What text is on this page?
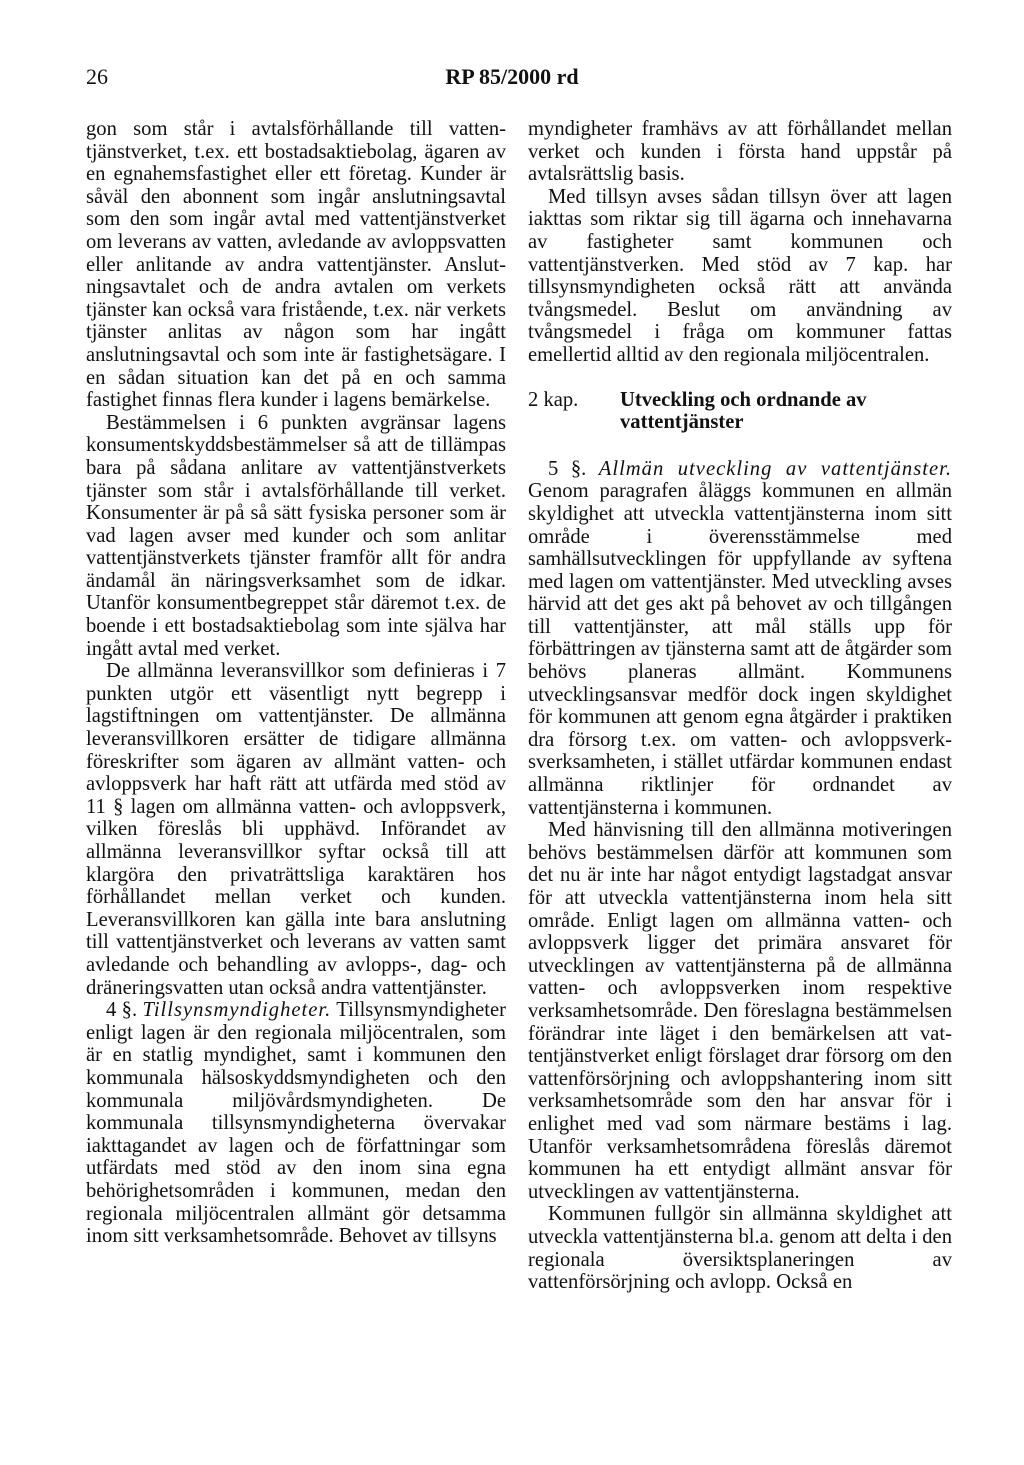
26	RP 85/2000 rd

gon som står i avtalsförhållande till vattentjänstverket, t.ex. ett bostadsaktiebolag, ägaren av en egnahemsfastighet eller ett företag. Kunder är såväl den abonnent som ingår anslutningsavtal som den som ingår avtal med vattentjänstverket om leverans av vatten, avledande av avloppsvatten eller anlitande av andra vattentjänster. Anslutningsavtalet och de andra avtalen om verkets tjänster kan också vara fristående, t.ex. när verkets tjänster anlitas av någon som har ingått anslutningsavtal och som inte är fastighetsägare. I en sådan situation kan det på en och samma fastighet finnas flera kunder i lagens bemärkelse.

Bestämmelsen i 6 punkten avgränsar lagens konsumentskyddsbestämmelser så att de tillämpas bara på sådana anlitare av vattentjänstverkets tjänster som står i avtalsförhållande till verket. Konsumenter är på så sätt fysiska personer som är vad lagen avser med kunder och som anlitar vattentjänstverkets tjänster framför allt för andra ändamål än näringsverksamhet som de idkar. Utanför konsumentbegreppet står däremot t.ex. de boende i ett bostadsaktiebolag som inte själva har ingått avtal med verket.

De allmänna leveransvillkor som definieras i 7 punkten utgör ett väsentligt nytt begrepp i lagstiftningen om vattentjänster. De allmänna leveransvillkoren ersätter de tidigare allmänna föreskrifter som ägaren av allmänt vatten- och avloppsverk har haft rätt att utfärda med stöd av 11 § lagen om allmänna vatten- och avloppsverk, vilken föreslås bli upphävd. Införandet av allmänna leveransvillkor syftar också till att klargöra den privaträttsliga karaktären hos förhållandet mellan verket och kunden. Leveransvillkoren kan gälla inte bara anslutning till vattentjänstverket och leverans av vatten samt avledande och behandling av avlopps-, dag- och dräneringsvatten utan också andra vattentjänster.

4 §. Tillsynsmyndigheter. Tillsynsmyndigheter enligt lagen är den regionala miljöcentralen, som är en statlig myndighet, samt i kommunen den kommunala hälsoskyddsmyndigheten och den kommunala miljövårdsmyndigheten. De kommunala tillsynsmyndigheterna övervakar iakttagandet av lagen och de författningar som utfärdats med stöd av den inom sina egna behörighetsområden i kommunen, medan den regionala miljöcentralen allmänt gör detsamma inom sitt verksamhetsområde. Behovet av tillsyns

myndigheter framhävs av att förhållandet mellan verket och kunden i första hand uppstår på avtalsrättslig basis.

Med tillsyn avses sådan tillsyn över att lagen iakttas som riktar sig till ägarna och innehavarna av fastigheter samt kommunen och vattentjänstverken. Med stöd av 7 kap. har tillsynsmyndigheten också rätt att använda tvångsmedel. Beslut om användning av tvångsmedel i fråga om kommuner fattas emellertid alltid av den regionala miljöcentralen.

2 kap.	Utveckling och ordnande av vattentjänster

5 §. Allmän utveckling av vattentjänster. Genom paragrafen åläggs kommunen en allmän skyldighet att utveckla vattentjänsterna inom sitt område i överensstämmelse med samhällsutvecklingen för uppfyllande av syftena med lagen om vattentjänster. Med utveckling avses härvid att det ges akt på behovet av och tillgången till vattentjänster, att mål ställs upp för förbättringen av tjänsterna samt att de åtgärder som behövs planeras allmänt. Kommunens utvecklingsansvar medför dock ingen skyldighet för kommunen att genom egna åtgärder i praktiken dra försorg t.ex. om vatten- och avloppsverksverksamheten, i stället utfärdar kommunen endast allmänna riktlinjer för ordnandet av vattentjänsterna i kommunen.

Med hänvisning till den allmänna motiveringen behövs bestämmelsen därför att kommunen som det nu är inte har något entydigt lagstadgat ansvar för att utveckla vattentjänsterna inom hela sitt område. Enligt lagen om allmänna vatten- och avloppsverk ligger det primära ansvaret för utvecklingen av vattentjänsterna på de allmänna vatten- och avloppsverken inom respektive verksamhetsområde. Den föreslagna bestämmelsen förändrar inte läget i den bemärkelsen att vattentjänstverket enligt förslaget drar försorg om den vattenförsörjning och avloppshantering inom sitt verksamhetsområde som den har ansvar för i enlighet med vad som närmare bestäms i lag. Utanför verksamhetsområdena föreslås däremot kommunen ha ett entydigt allmänt ansvar för utvecklingen av vattentjänsterna.

Kommunen fullgör sin allmänna skyldighet att utveckla vattentjänsterna bl.a. genom att delta i den regionala översiktsplaneringen av vattenförsörjning och avlopp. Också en
